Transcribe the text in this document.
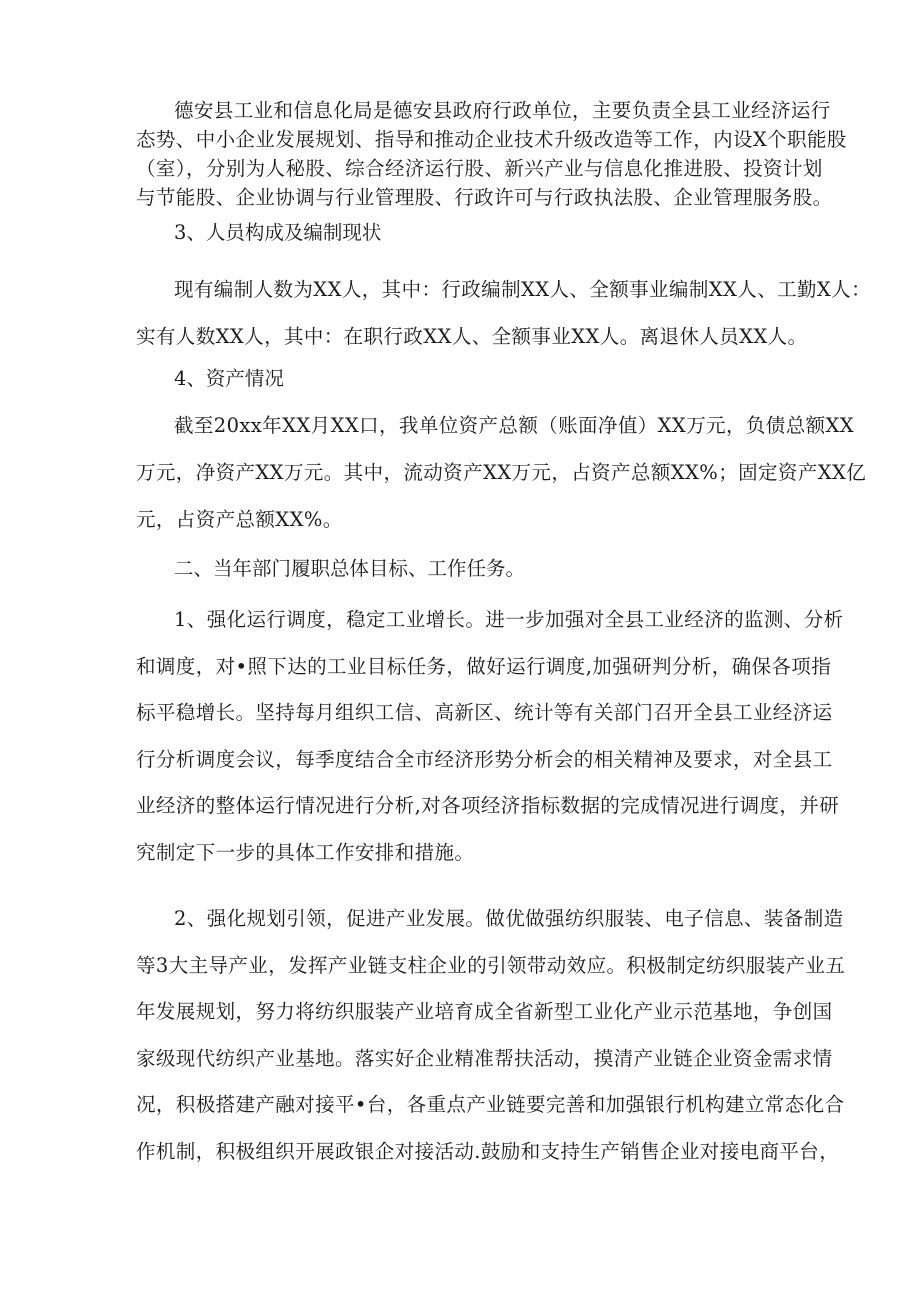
德安县工业和信息化局是德安县政府行政单位，主要负责全县工业经济运行
态势、中小企业发展规划、指导和推动企业技术升级改造等工作，内设X个职能股
（室），分别为人秘股、综合经济运行股、新兴产业与信息化推进股、投资计划
与节能股、企业协调与行业管理股、行政许可与行政执法股、企业管理服务股。
3、人员构成及编制现状
现有编制人数为XX人，其中：行政编制XX人、全额事业编制XX人、工勤X人：
实有人数XX人，其中：在职行政XX人、全额事业XX人。离退休人员XX人。
4、资产情况
截至20xx年XX月XX口，我单位资产总额（账面净值）XX万元，负债总额XX
万元，净资产XX万元。其中，流动资产XX万元，占资产总额XX%；固定资产XX亿
元，占资产总额XX%。
二、当年部门履职总体目标、工作任务。
1、强化运行调度，稳定工业增长。进一步加强对全县工业经济的监测、分析
和调度，对•照下达的工业目标任务，做好运行调度,加强研判分析，确保各项指
标平稳增长。坚持每月组织工信、高新区、统计等有关部门召开全县工业经济运
行分析调度会议，每季度结合全市经济形势分析会的相关精神及要求，对全县工
业经济的整体运行情况进行分析,对各项经济指标数据的完成情况进行调度，并研
究制定下一步的具体工作安排和措施。
2、强化规划引领，促进产业发展。做优做强纺织服装、电子信息、装备制造
等3大主导产业，发挥产业链支柱企业的引领带动效应。积极制定纺织服装产业五
年发展规划，努力将纺织服装产业培育成全省新型工业化产业示范基地，争创国
家级现代纺织产业基地。落实好企业精准帮扶活动，摸清产业链企业资金需求情
况，积极搭建产融对接平•台，各重点产业链要完善和加强银行机构建立常态化合
作机制，积极组织开展政银企对接活动.鼓励和支持生产销售企业对接电商平台，
